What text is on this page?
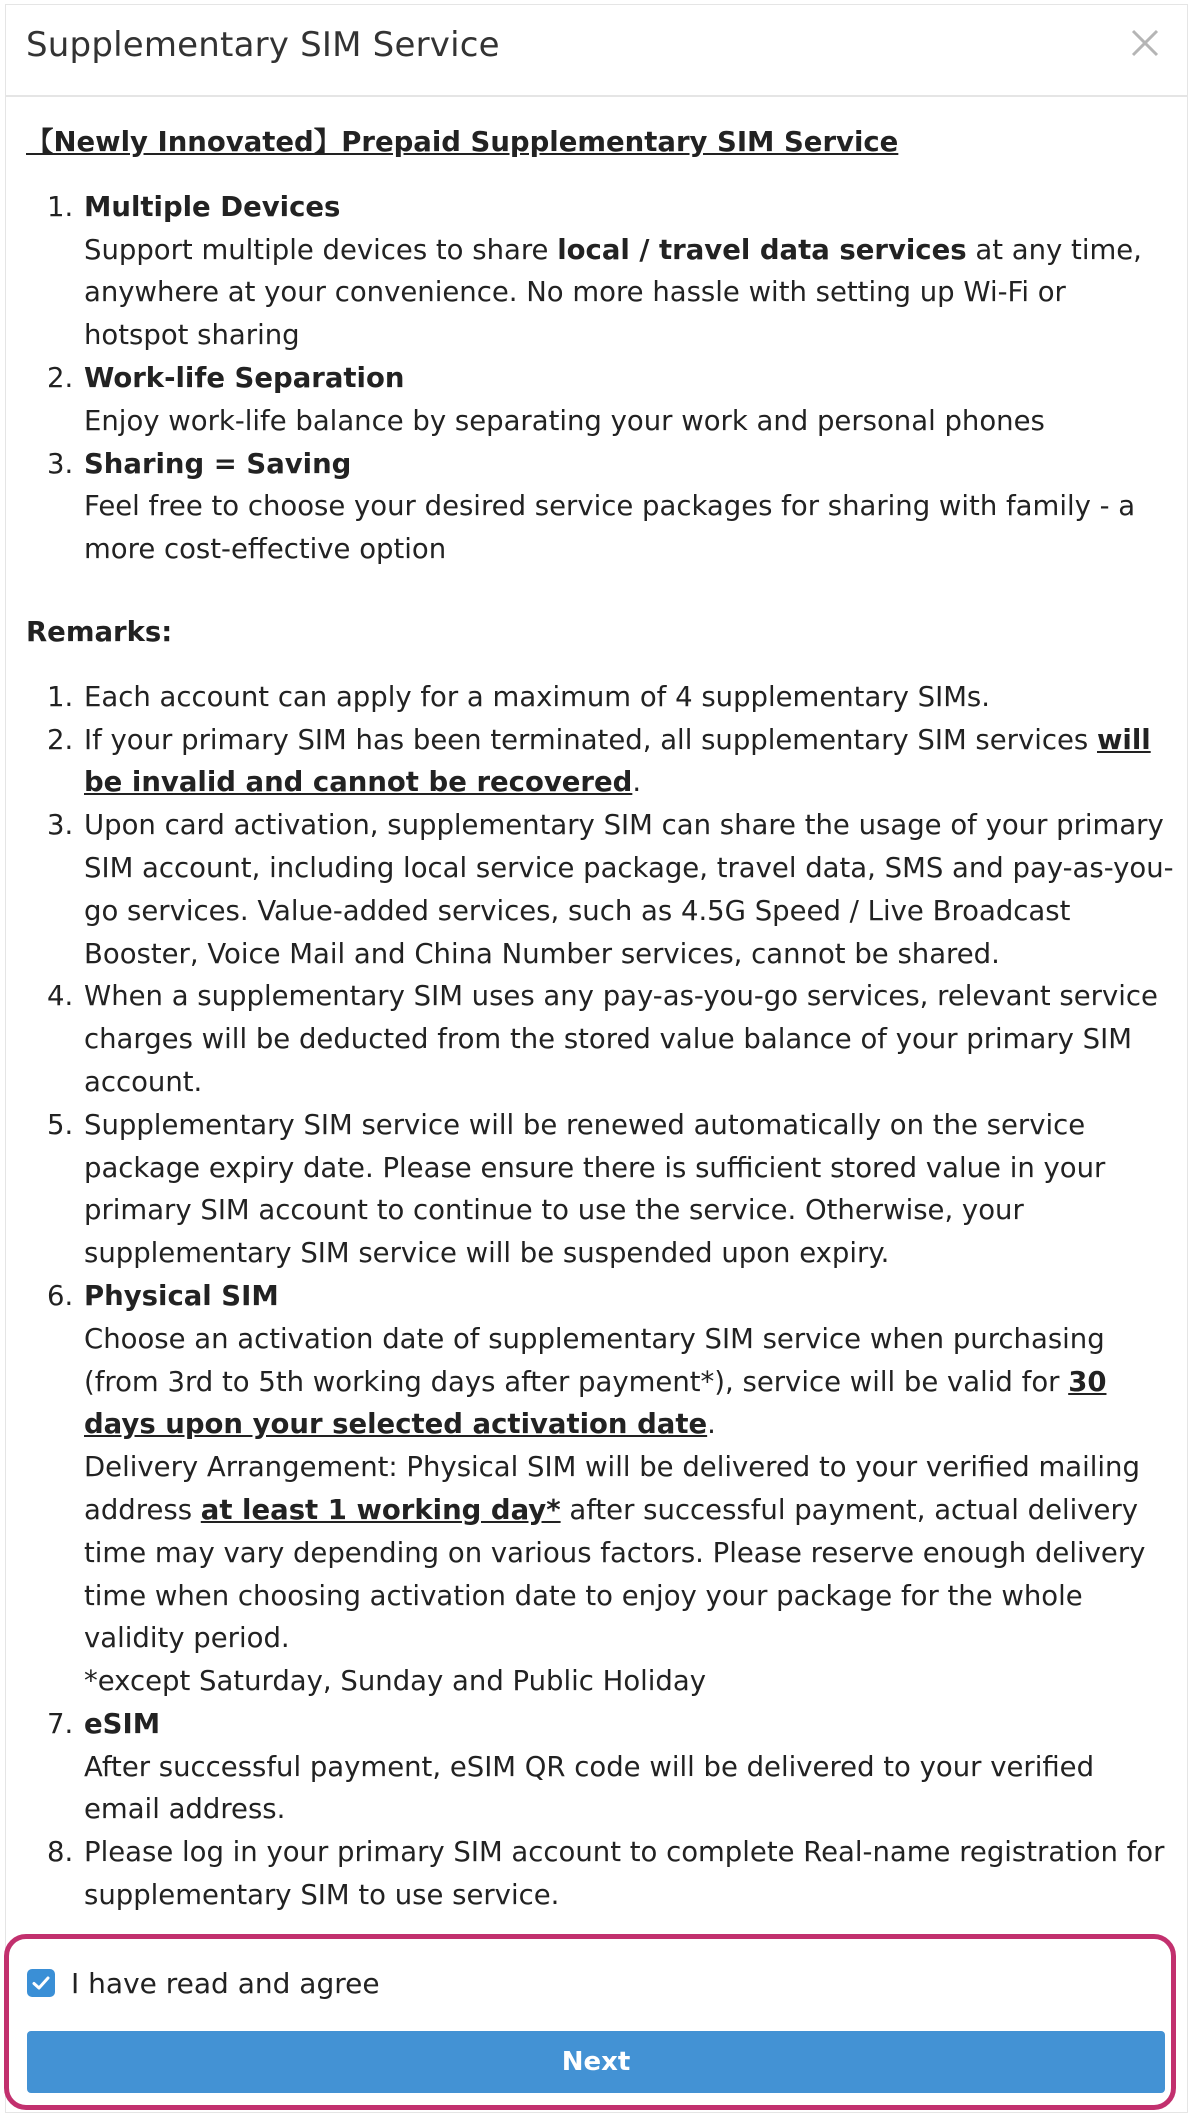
Supplementary SIM Service
【Newly Innovated】Prepaid Supplementary SIM Service
1. Multiple Devices
Support multiple devices to share local / travel data services at any time, anywhere at your convenience. No more hassle with setting up Wi-Fi or hotspot sharing
2. Work-life Separation
Enjoy work-life balance by separating your work and personal phones
3. Sharing = Saving
Feel free to choose your desired service packages for sharing with family - a more cost-effective option
Remarks:
1. Each account can apply for a maximum of 4 supplementary SIMs.
2. If your primary SIM has been terminated, all supplementary SIM services will be invalid and cannot be recovered.
3. Upon card activation, supplementary SIM can share the usage of your primary SIM account, including local service package, travel data, SMS and pay-as-you-go services. Value-added services, such as 4.5G Speed / Live Broadcast Booster, Voice Mail and China Number services, cannot be shared.
4. When a supplementary SIM uses any pay-as-you-go services, relevant service charges will be deducted from the stored value balance of your primary SIM account.
5. Supplementary SIM service will be renewed automatically on the service package expiry date. Please ensure there is sufficient stored value in your primary SIM account to continue to use the service. Otherwise, your supplementary SIM service will be suspended upon expiry.
6. Physical SIM
Choose an activation date of supplementary SIM service when purchasing (from 3rd to 5th working days after payment*), service will be valid for 30 days upon your selected activation date.
Delivery Arrangement: Physical SIM will be delivered to your verified mailing address at least 1 working day* after successful payment, actual delivery time may vary depending on various factors. Please reserve enough delivery time when choosing activation date to enjoy your package for the whole validity period.
*except Saturday, Sunday and Public Holiday
7. eSIM
After successful payment, eSIM QR code will be delivered to your verified email address.
8. Please log in your primary SIM account to complete Real-name registration for supplementary SIM to use service.
I have read and agree
Next
